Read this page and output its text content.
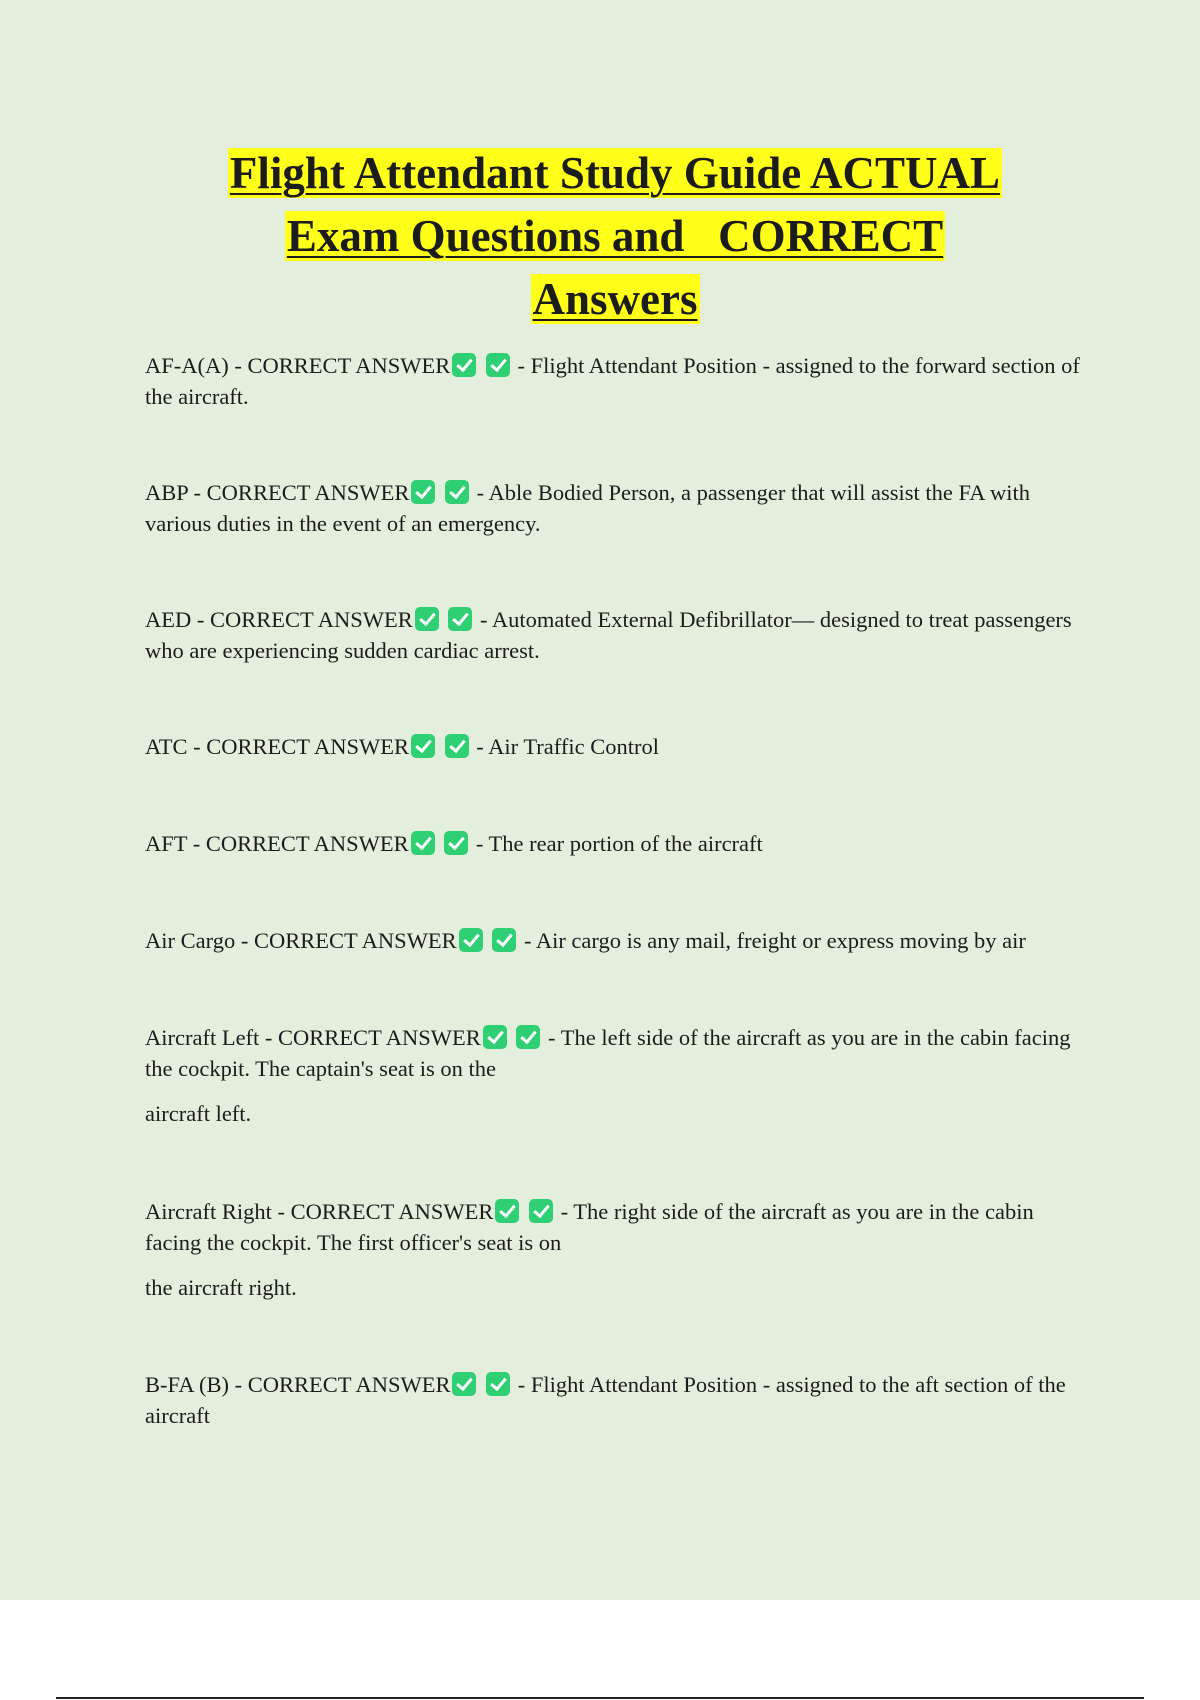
Flight Attendant Study Guide ACTUAL
Exam Questions and   CORRECT
Answers
AF-A(A) - CORRECT ANSWER	- Flight Attendant Position - assigned to the forward section of the aircraft.
ABP - CORRECT ANSWER	- Able Bodied Person, a passenger that will assist the FA with various duties in the event of an emergency.
AED - CORRECT ANSWER	- Automated External Defibrillator— designed to treat passengers who are experiencing sudden cardiac arrest.
ATC - CORRECT ANSWER	- Air Traffic Control
AFT - CORRECT ANSWER	- The rear portion of the aircraft
Air Cargo - CORRECT ANSWER	- Air cargo is any mail, freight or express moving by air
Aircraft Left - CORRECT ANSWER	- The left side of the aircraft as you are in the cabin facing the cockpit. The captain's seat is on the
aircraft left.
Aircraft Right - CORRECT ANSWER	- The right side of the aircraft as you are in the cabin facing the cockpit. The first officer's seat is on
the aircraft right.
B-FA (B) - CORRECT ANSWER	- Flight Attendant Position - assigned to the aft section of the aircraft
